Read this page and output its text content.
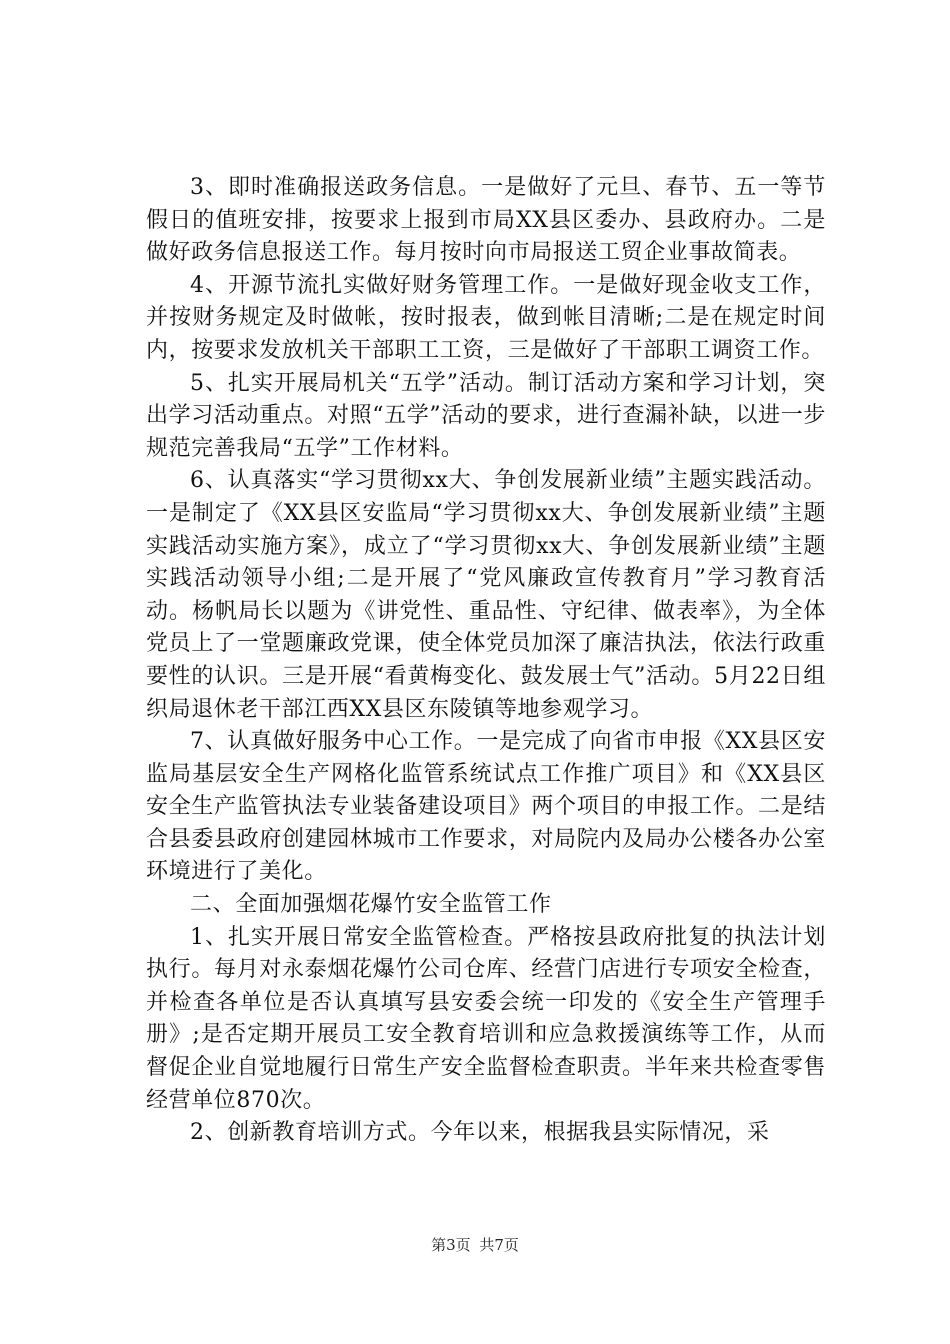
3、即时准确报送政务信息。一是做好了元旦、春节、五一等节假日的值班安排，按要求上报到市局XX县区委办、县政府办。二是做好政务信息报送工作。每月按时向市局报送工贸企业事故简表。

4、开源节流扎实做好财务管理工作。一是做好现金收支工作，并按财务规定及时做帐，按时报表，做到帐目清晰;二是在规定时间内，按要求发放机关干部职工工资，三是做好了干部职工调资工作。

5、扎实开展局机关“五学”活动。制订活动方案和学习计划，突出学习活动重点。对照“五学”活动的要求，进行查漏补缺，以进一步规范完善我局“五学”工作材料。

6、认真落实“学习贯彻xx大、争创发展新业绩”主题实践活动。一是制定了《XX县区安监局“学习贯彻xx大、争创发展新业绩”主题实践活动实施方案》，成立了“学习贯彻xx大、争创发展新业绩”主题实践活动领导小组;二是开展了“党风廉政宣传教育月”学习教育活动。杨帆局长以题为《讲党性、重品性、守纪律、做表率》，为全体党员上了一堂题廉政党课，使全体党员加深了廉洁执法，依法行政重要性的认识。三是开展“看黄梅变化、鼓发展士气”活动。5月22日组织局退休老干部江西XX县区东陵镇等地参观学习。

7、认真做好服务中心工作。一是完成了向省市申报《XX县区安监局基层安全生产网格化监管系统试点工作推广项目》和《XX县区安全生产监管执法专业装备建设项目》两个项目的申报工作。二是结合县委县政府创建园林城市工作要求，对局院内及局办公楼各办公室环境进行了美化。

二、全面加强烟花爆竹安全监管工作

1、扎实开展日常安全监管检查。严格按县政府批复的执法计划执行。每月对永泰烟花爆竹公司仓库、经营门店进行专项安全检查，并检查各单位是否认真填写县安委会统一印发的《安全生产管理手册》;是否定期开展员工安全教育培训和应急救援演练等工作，从而督促企业自觉地履行日常生产安全监督检查职责。半年来共检查零售经营单位870次。

2、创新教育培训方式。今年以来，根据我县实际情况，采

第3页 共7页
